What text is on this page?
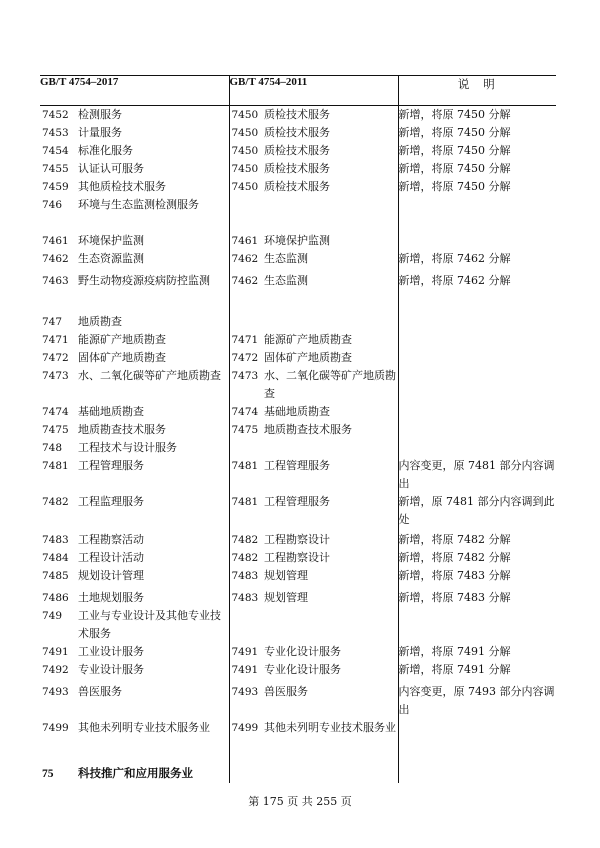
GB/T 4754–2017		GB/T 4754–2011		说明
7452	检测服务	7450	质检技术服务	新增，将原 7450 分解
7453	计量服务	7450	质检技术服务	新增，将原 7450 分解
7454	标准化服务	7450	质检技术服务	新增，将原 7450 分解
7455	认证认可服务	7450	质检技术服务	新增，将原 7450 分解
7459	其他质检技术服务	7450	质检技术服务	新增，将原 7450 分解
746	环境与生态监测检测服务			
7461	环境保护监测	7461	环境保护监测	
7462	生态资源监测	7462	生态监测	新增，将原 7462 分解
7463	野生动物疫源疫病防控监测	7462	生态监测	新增，将原 7462 分解
747	地质勘查			
7471	能源矿产地质勘查	7471	能源矿产地质勘查	
7472	固体矿产地质勘查	7472	固体矿产地质勘查	
7473	水、二氧化碳等矿产地质勘查	7473	水、二氧化碳等矿产地质勘查	
7474	基础地质勘查	7474	基础地质勘查	
7475	地质勘查技术服务	7475	地质勘查技术服务	
748	工程技术与设计服务			
7481	工程管理服务	7481	工程管理服务	内容变更，原 7481 部分内容调出
7482	工程监理服务	7481	工程管理服务	新增，原 7481 部分内容调到此处
7483	工程勘察活动	7482	工程勘察设计	新增，将原 7482 分解
7484	工程设计活动	7482	工程勘察设计	新增，将原 7482 分解
7485	规划设计管理	7483	规划管理	新增，将原 7483 分解
7486	土地规划服务	7483	规划管理	新增，将原 7483 分解
749	工业与专业设计及其他专业技术服务			
7491	工业设计服务	7491	专业化设计服务	新增，将原 7491 分解
7492	专业设计服务	7491	专业化设计服务	新增，将原 7491 分解
7493	兽医服务	7493	兽医服务	内容变更，原 7493 部分内容调出
7499	其他未列明专业技术服务业	7499	其他未列明专业技术服务业	
75	科技推广和应用服务业			
第 175 页 共 255 页
